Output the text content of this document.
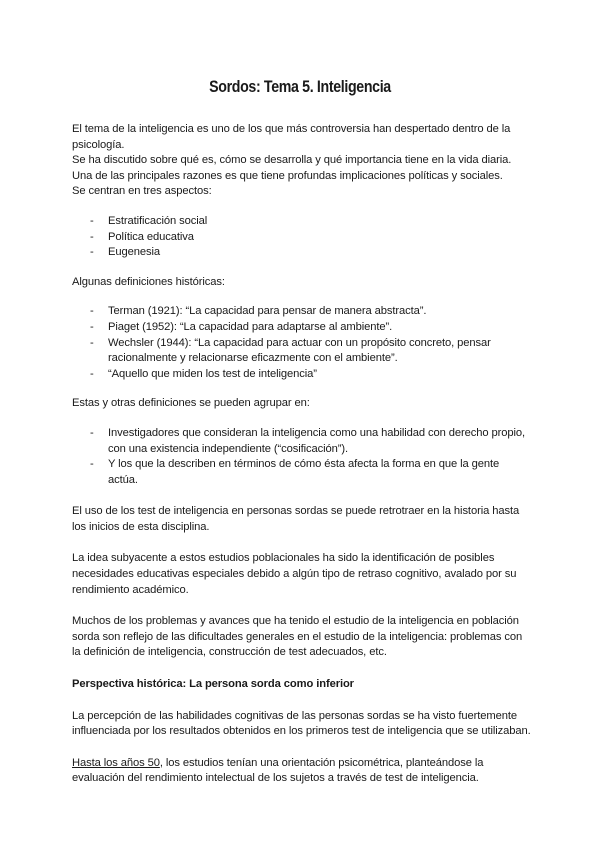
Sordos: Tema 5. Inteligencia

El tema de la inteligencia es uno de los que más controversia han despertado dentro de la psicología.

Se ha discutido sobre qué es, cómo se desarrolla y qué importancia tiene en la vida diaria.

Una de las principales razones es que tiene profundas implicaciones políticas y sociales.

Se centran en tres aspectos:

- Estratificación social
- Política educativa
- Eugenesia

Algunas definiciones históricas:

- Terman (1921): “La capacidad para pensar de manera abstracta”.
- Piaget (1952): “La capacidad para adaptarse al ambiente”.
- Wechsler (1944): “La capacidad para actuar con un propósito concreto, pensar racionalmente y relacionarse eficazmente con el ambiente”.
- “Aquello que miden los test de inteligencia”

Estas y otras definiciones se pueden agrupar en:

- Investigadores que consideran la inteligencia como una habilidad con derecho propio, con una existencia independiente (“cosificación”).
- Y los que la describen en términos de cómo ésta afecta la forma en que la gente actúa.

El uso de los test de inteligencia en personas sordas se puede retrotraer en la historia hasta los inicios de esta disciplina.

La idea subyacente a estos estudios poblacionales ha sido la identificación de posibles necesidades educativas especiales debido a algún tipo de retraso cognitivo, avalado por su rendimiento académico.

Muchos de los problemas y avances que ha tenido el estudio de la inteligencia en población sorda son reflejo de las dificultades generales en el estudio de la inteligencia: problemas con la definición de inteligencia, construcción de test adecuados, etc.

Perspectiva histórica: La persona sorda como inferior

La percepción de las habilidades cognitivas de las personas sordas se ha visto fuertemente influenciada por los resultados obtenidos en los primeros test de inteligencia que se utilizaban.

Hasta los años 50, los estudios tenían una orientación psicométrica, planteándose la evaluación del rendimiento intelectual de los sujetos a través de test de inteligencia.
